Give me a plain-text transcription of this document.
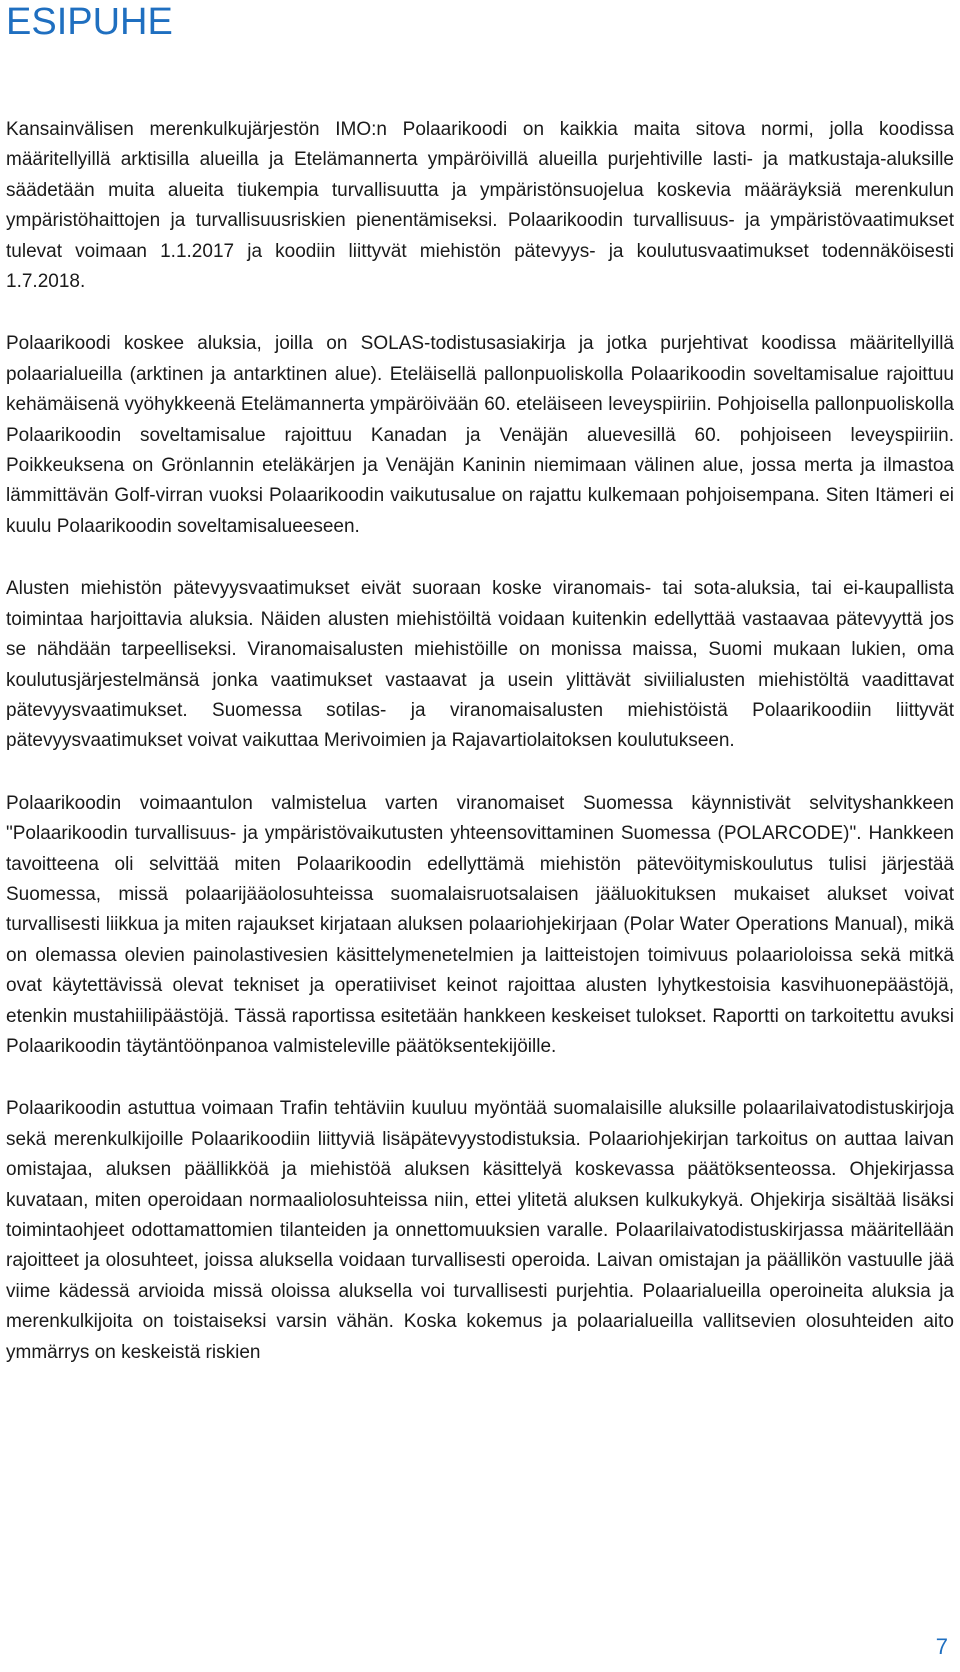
ESIPUHE

Kansainvälisen merenkulkujärjestön IMO:n Polaarikoodi on kaikkia maita sitova normi, jolla koodissa määritellyillä arktisilla alueilla ja Etelämannerta ympäröivillä alueilla purjehtiville lasti- ja matkustaja-aluksille säädetään muita alueita tiukempia turvallisuutta ja ympäristönsuojelua koskevia määräyksiä merenkulun ympäristöhaittojen ja turvallisuusriskien pienentämiseksi. Polaarikoodin turvallisuus- ja ympäristövaatimukset tulevat voimaan 1.1.2017 ja koodiin liittyvät miehistön pätevyys- ja koulutusvaatimukset todennäköisesti 1.7.2018.

Polaarikoodi koskee aluksia, joilla on SOLAS-todistusasiakirja ja jotka purjehtivat koodissa määritellyillä polaarialueilla (arktinen ja antarktinen alue). Eteläisellä pallonpuoliskolla Polaarikoodin soveltamisalue rajoittuu kehämäisenä vyöhykkeenä Etelämannerta ympäröivään 60. eteläiseen leveyspiiriin. Pohjoisella pallonpuoliskolla Polaarikoodin soveltamisalue rajoittuu Kanadan ja Venäjän aluevesillä 60. pohjoiseen leveyspiiriin. Poikkeuksena on Grönlannin eteläkärjen ja Venäjän Kaninin niemimaan välinen alue, jossa merta ja ilmastoa lämmittävän Golf-virran vuoksi Polaarikoodin vaikutusalue on rajattu kulkemaan pohjoisempana. Siten Itämeri ei kuulu Polaarikoodin soveltamisalueeseen.

Alusten miehistön pätevyysvaatimukset eivät suoraan koske viranomais- tai sota-aluksia, tai ei-kaupallista toimintaa harjoittavia aluksia. Näiden alusten miehistöiltä voidaan kuitenkin edellyttää vastaavaa pätevyyttä jos se nähdään tarpeelliseksi. Viranomaisalusten miehistöille on monissa maissa, Suomi mukaan lukien, oma koulutusjärjestelmänsä jonka vaatimukset vastaavat ja usein ylittävät siviilialusten miehistöltä vaadittavat pätevyysvaatimukset. Suomessa sotilas- ja viranomaisalusten miehistöistä Polaarikoodiin liittyvät pätevyysvaatimukset voivat vaikuttaa Merivoimien ja Rajavartiolaitoksen koulutukseen.

Polaarikoodin voimaantulon valmistelua varten viranomaiset Suomessa käynnistivät selvityshankkeen "Polaarikoodin turvallisuus- ja ympäristövaikutusten yhteensovittaminen Suomessa (POLARCODE)". Hankkeen tavoitteena oli selvittää miten Polaarikoodin edellyttämä miehistön pätevöitymiskoulutus tulisi järjestää Suomessa, missä polaarijääolosuhteissa suomalaisruotsalaisen jääluokituksen mukaiset alukset voivat turvallisesti liikkua ja miten rajaukset kirjataan aluksen polaariohjekirjaan (Polar Water Operations Manual), mikä on olemassa olevien painolastivesien käsittelymenetelmien ja laitteistojen toimivuus polaarioloissa sekä mitkä ovat käytettävissä olevat tekniset ja operatiiviset keinot rajoittaa alusten lyhytkestoisia kasvihuonepäästöjä, etenkin mustahiilipäästöjä. Tässä raportissa esitetään hankkeen keskeiset tulokset. Raportti on tarkoitettu avuksi Polaarikoodin täytäntöönpanoa valmisteleville päätöksentekijöille.

Polaarikoodin astuttua voimaan Trafin tehtäviin kuuluu myöntää suomalaisille aluksille polaarilaivatodistuskirjoja sekä merenkulkijoille Polaarikoodiin liittyviä lisäpätevyystodistuksia. Polaariohjekirjan tarkoitus on auttaa laivan omistajaa, aluksen päällikköä ja miehistöä aluksen käsittelyä koskevassa päätöksenteossa. Ohjekirjassa kuvataan, miten operoidaan normaaliolosuhteissa niin, ettei ylitetä aluksen kulkukykyä. Ohjekirja sisältää lisäksi toimintaohjeet odottamattomien tilanteiden ja onnettomuuksien varalle. Polaarilaivatodistuskirjassa määritellään rajoitteet ja olosuhteet, joissa aluksella voidaan turvallisesti operoida. Laivan omistajan ja päällikön vastuulle jää viime kädessä arvioida missä oloissa aluksella voi turvallisesti purjehtia. Polaarialueilla operoineita aluksia ja merenkulkijoita on toistaiseksi varsin vähän. Koska kokemus ja polaarialueilla vallitsevien olosuhteiden aito ymmärrys on keskeistä riskien

7
